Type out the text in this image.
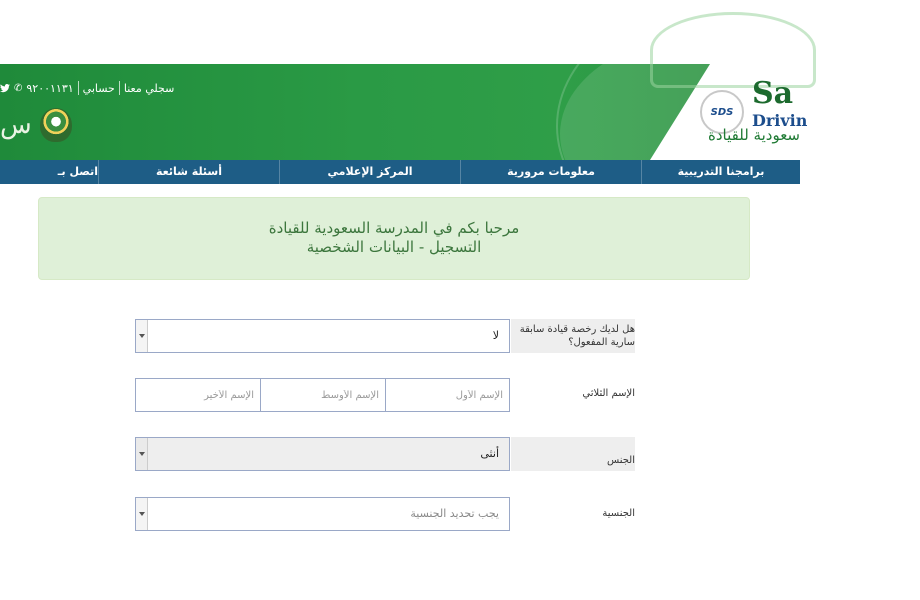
SDS
Sa
Drivin
سعودية للقيادة
سجلي معنا
حسابي
٩٢٠٠١١٣١
✆
س
برامجنا التدريبية
معلومات مرورية
المركز الإعلامي
أسئلة شائعة
اتصل بـ
مرحبا بكم في المدرسة السعودية للقيادة
التسجيل - البيانات الشخصية
هل لديك رخصة قيادة سابقة سارية المفعول؟
لا
الإسم الثلاثي
الإسم الأول
الإسم الأوسط
الإسم الأخير
الجنس
أنثى
الجنسية
يجب تحديد الجنسية
